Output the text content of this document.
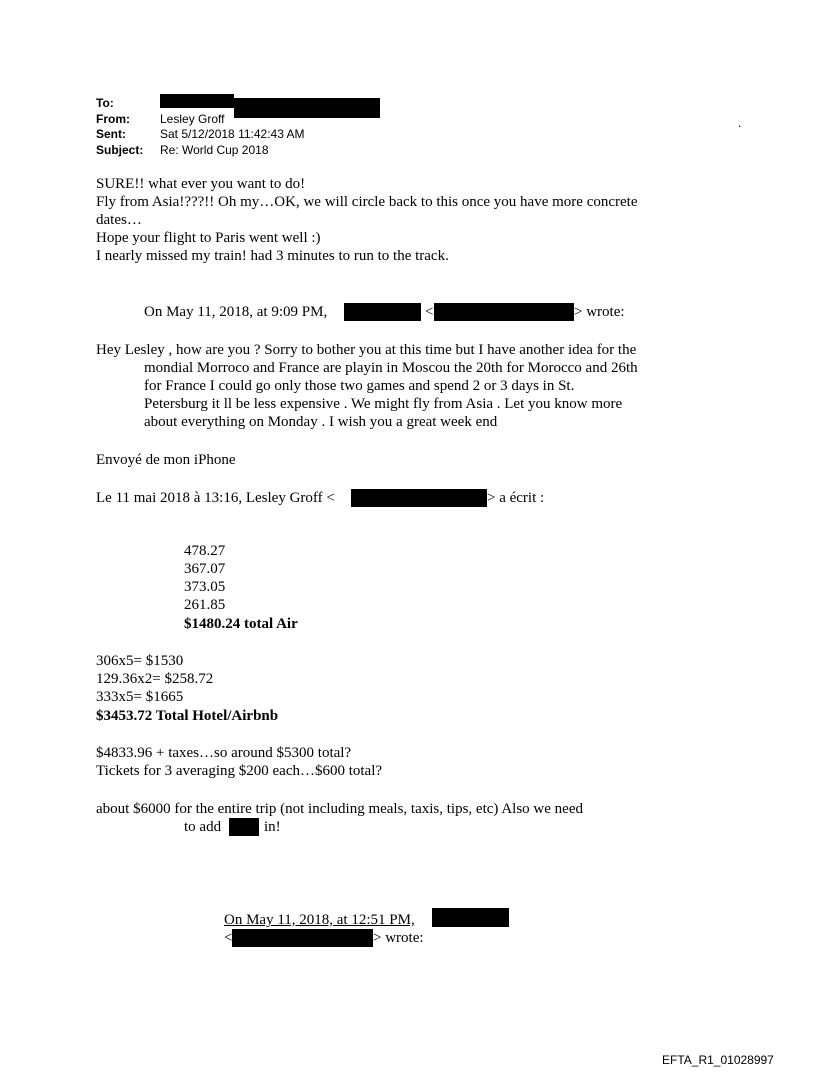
To:
From:	Lesley Groff
Sent:	Sat 5/12/2018 11:42:43 AM
Subject: Re: World Cup 2018
.
SURE!! what ever you want to do!
Fly from Asia!???!! Oh my…OK, we will circle back to this once you have more concrete
dates…
Hope your flight to Paris went well :)
I nearly missed my train! had 3 minutes to run to the track.
On May 11, 2018, at 9:09 PM,	<	> wrote:
Hey Lesley , how are you ? Sorry to bother you at this time but I have another idea for the
mondial Morroco and France are playin in Moscou the 20th for Morocco and 26th
for France I could go only those two games and spend 2 or 3 days in St.
Petersburg it ll be less expensive . We might fly from Asia . Let you know more
about everything on Monday . I wish you a great week end
Envoyé de mon iPhone
Le 11 mai 2018 à 13:16, Lesley Groff <	> a écrit :
478.27
367.07
373.05
261.85
$1480.24 total Air
306x5= $1530
129.36x2= $258.72
333x5= $1665
$3453.72 Total Hotel/Airbnb
$4833.96 + taxes…so around $5300 total?
Tickets for 3 averaging $200 each…$600 total?
about $6000 for the entire trip (not including meals, taxis, tips, etc) Also we need
to add	in!
On May 11, 2018, at 12:51 PM,
<	> wrote:
EFTA_R1_01028997
